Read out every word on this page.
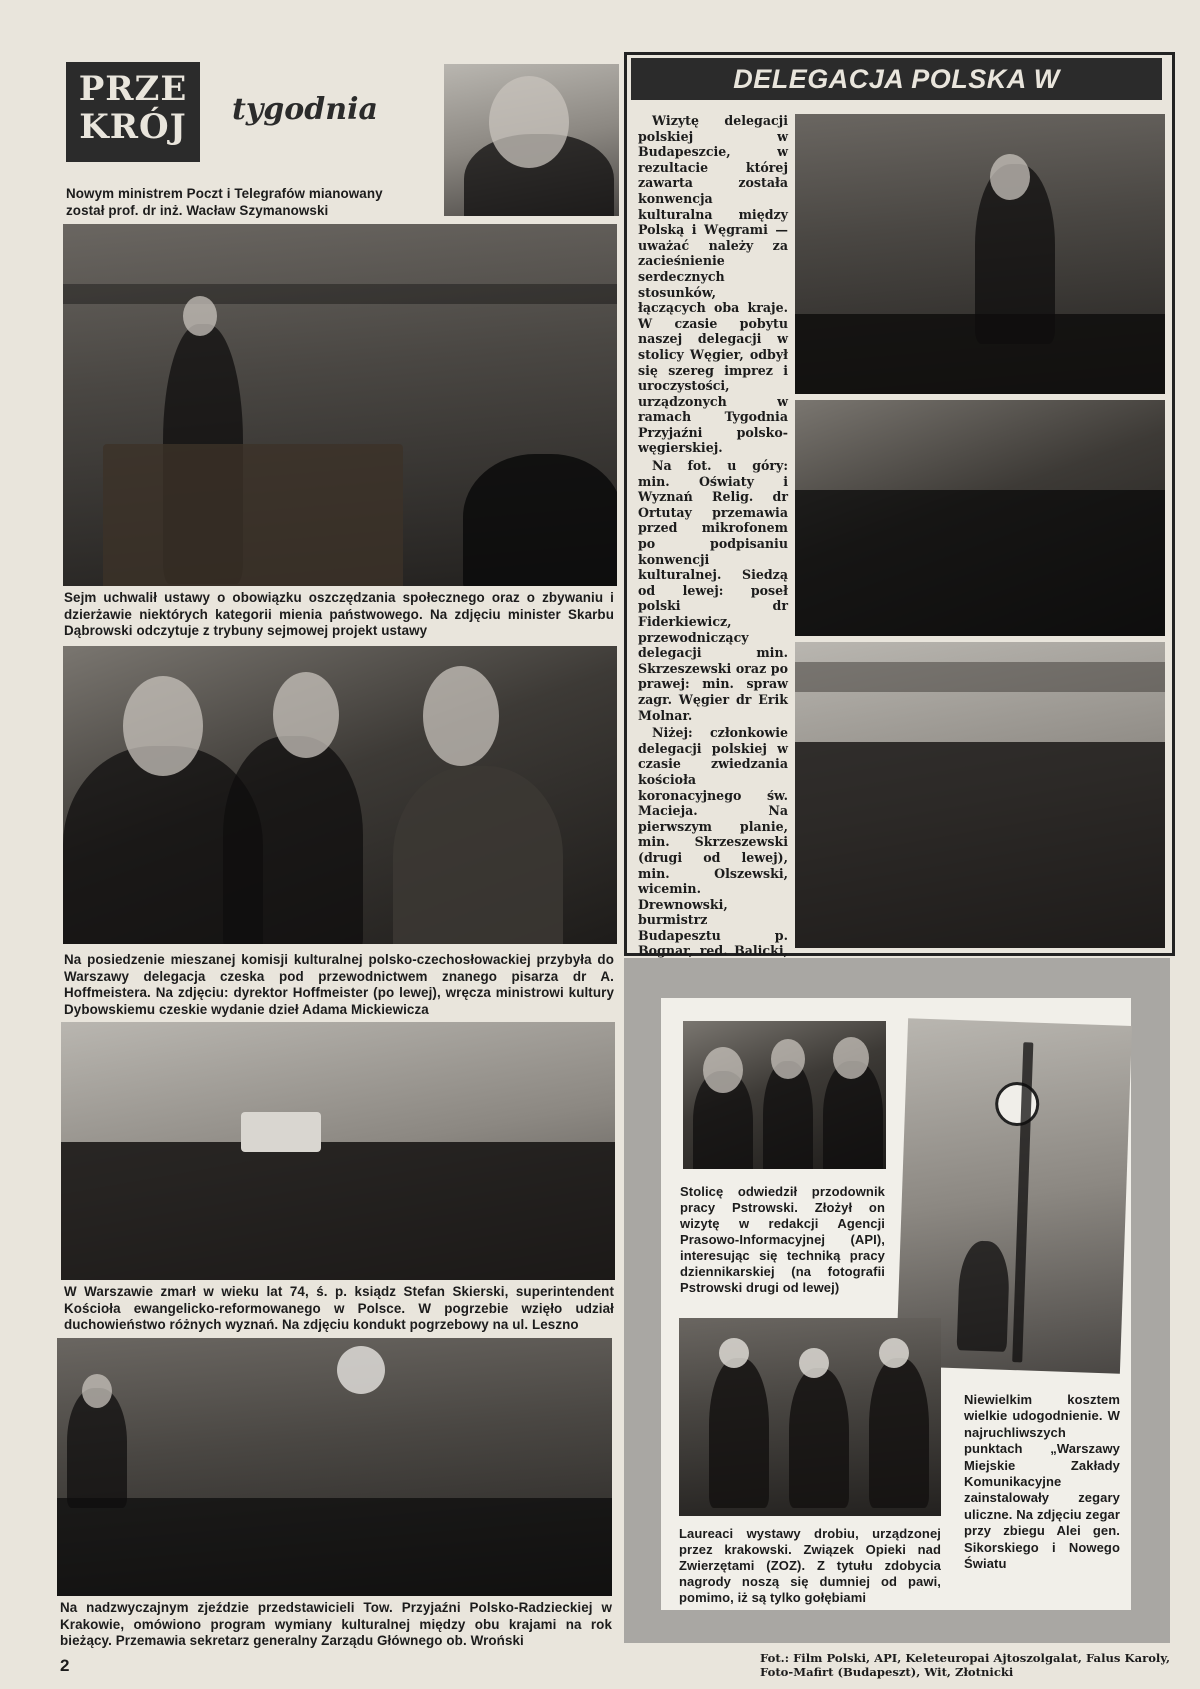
PRZE
KRÓJ	tygodnia
Nowym ministrem Poczt i Telegrafów mianowany został prof. dr inż. Wacław Szymanowski
Sejm uchwalił ustawy o obowiązku oszczędzania społecznego oraz o zbywaniu i dzierżawie niektórych kategorii mienia państwowego. Na zdjęciu minister Skarbu Dąbrowski odczytuje z trybuny sejmowej projekt ustawy
Na posiedzenie mieszanej komisji kulturalnej polsko-czechosłowackiej przybyła do Warszawy delegacja czeska pod przewodnictwem znanego pisarza dr A. Hoffmeistera. Na zdjęciu: dyrektor Hoffmeister (po lewej), wręcza ministrowi kultury Dybowskiemu czeskie wydanie dzieł Adama Mickiewicza
W Warszawie zmarł w wieku lat 74, ś. p. ksiądz Stefan Skierski, superintendent Kościoła ewangelicko-reformowanego w Polsce. W pogrzebie wzięło udział duchowieństwo różnych wyznań. Na zdjęciu kondukt pogrzebowy na ul. Leszno
Na nadzwyczajnym zjeździe przedstawicieli Tow. Przyjaźni Polsko-Radzieckiej w Krakowie, omówiono program wymiany kulturalnej między obu krajami na rok bieżący. Przemawia sekretarz generalny Zarządu Głównego ob. Wroński
DELEGACJA POLSKA W

Wizytę delegacji polskiej w Budapeszcie, w rezultacie której zawarta została konwencja kulturalna między Polską i Węgrami — uważać należy za zacieśnienie serdecznych stosunków, łączących oba kraje. W czasie pobytu naszej delegacji w stolicy Węgier, odbył się szereg imprez i uroczystości, urządzonych w ramach Tygodnia Przyjaźni polsko-węgierskiej.

Na fot. u góry: min. Oświaty i Wyznań Relig. dr Ortutay przemawia przed mikrofonem po podpisaniu konwencji kulturalnej. Siedzą od lewej: poseł polski dr Fiderkiewicz, przewodniczący delegacji min. Skrzeszewski oraz po prawej: min. spraw zagr. Węgier dr Erik Molnar.

Niżej: członkowie delegacji polskiej w czasie zwiedzania kościoła koronacyjnego św. Macieja. Na pierwszym planie, min. Skrzeszewski (drugi od lewej), min. Olszewski, wicemin. Drewnowski, burmistrz Budapesztu p. Bognar, red. Balicki,

Stolicę odwiedził przodownik pracy Pstrowski. Złożył on wizytę w redakcji Agencji Prasowo-Informacyjnej (API), interesując się techniką pracy dziennikarskiej (na fotografii Pstrowski drugi od lewej)
Niewielkim kosztem wielkie udogodnienie. W najruchliwszych punktach „Warszawy Miejskie Zakłady Komunikacyjne zainstalowały zegary uliczne. Na zdjęciu zegar przy zbiegu Alei gen. Sikorskiego i Nowego Światu
Laureaci wystawy drobiu, urządzonej przez krakowski. Związek Opieki nad Zwierzętami (ZOZ). Z tytułu zdobycia nagrody noszą się dumniej od pawi, pomimo, iż są tylko gołębiami
2	Fot.: Film Polski, API, Keleteuropai Ajtoszolgalat, Falus Karoly, Foto-Mafirt (Budapeszt), Wit, Złotnicki
